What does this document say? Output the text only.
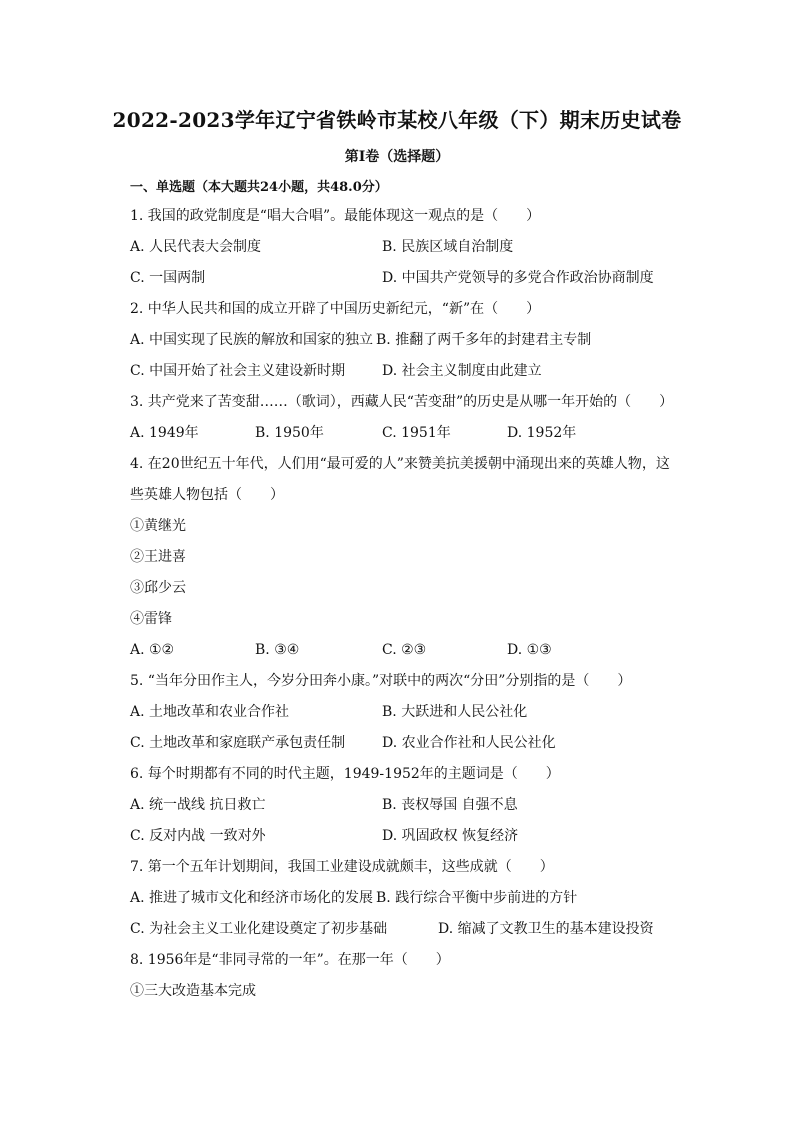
2022-2023学年辽宁省铁岭市某校八年级（下）期末历史试卷
第I卷（选择题）
一、单选题（本大题共24小题，共48.0分）
1. 我国的政党制度是“唱大合唱”。最能体现这一观点的是（　　）
A. 人民代表大会制度	B. 民族区域自治制度
C. 一国两制	D. 中国共产党领导的多党合作政治协商制度
2. 中华人民共和国的成立开辟了中国历史新纪元，“新”在（　　）
A. 中国实现了民族的解放和国家的独立 B. 推翻了两千多年的封建君主专制
C. 中国开始了社会主义建设新时期	D. 社会主义制度由此建立
3. 共产党来了苦变甜……（歌词），西藏人民“苦变甜”的历史是从哪一年开始的（　　）
A. 1949年	B. 1950年	C. 1951年	D. 1952年
4. 在20世纪五十年代，人们用“最可爱的人”来赞美抗美援朝中涌现出来的英雄人物，这
些英雄人物包括（　　）
①黄继光
②王进喜
③邱少云
④雷锋
A. ①②	B. ③④	C. ②③	D. ①③
5. “当年分田作主人，今岁分田奔小康。”对联中的两次“分田”分别指的是（　　）
A. 土地改革和农业合作社	B. 大跃进和人民公社化
C. 土地改革和家庭联产承包责任制	D. 农业合作社和人民公社化
6. 每个时期都有不同的时代主题，1949-1952年的主题词是（　　）
A. 统一战线 抗日救亡	B. 丧权辱国 自强不息
C. 反对内战 一致对外	D. 巩固政权 恢复经济
7. 第一个五年计划期间，我国工业建设成就颇丰，这些成就（　　）
A. 推进了城市文化和经济市场化的发展 B. 践行综合平衡中步前进的方针
C. 为社会主义工业化建设奠定了初步基础	D. 缩减了文教卫生的基本建设投资
8. 1956年是“非同寻常的一年”。在那一年（　　）
①三大改造基本完成
